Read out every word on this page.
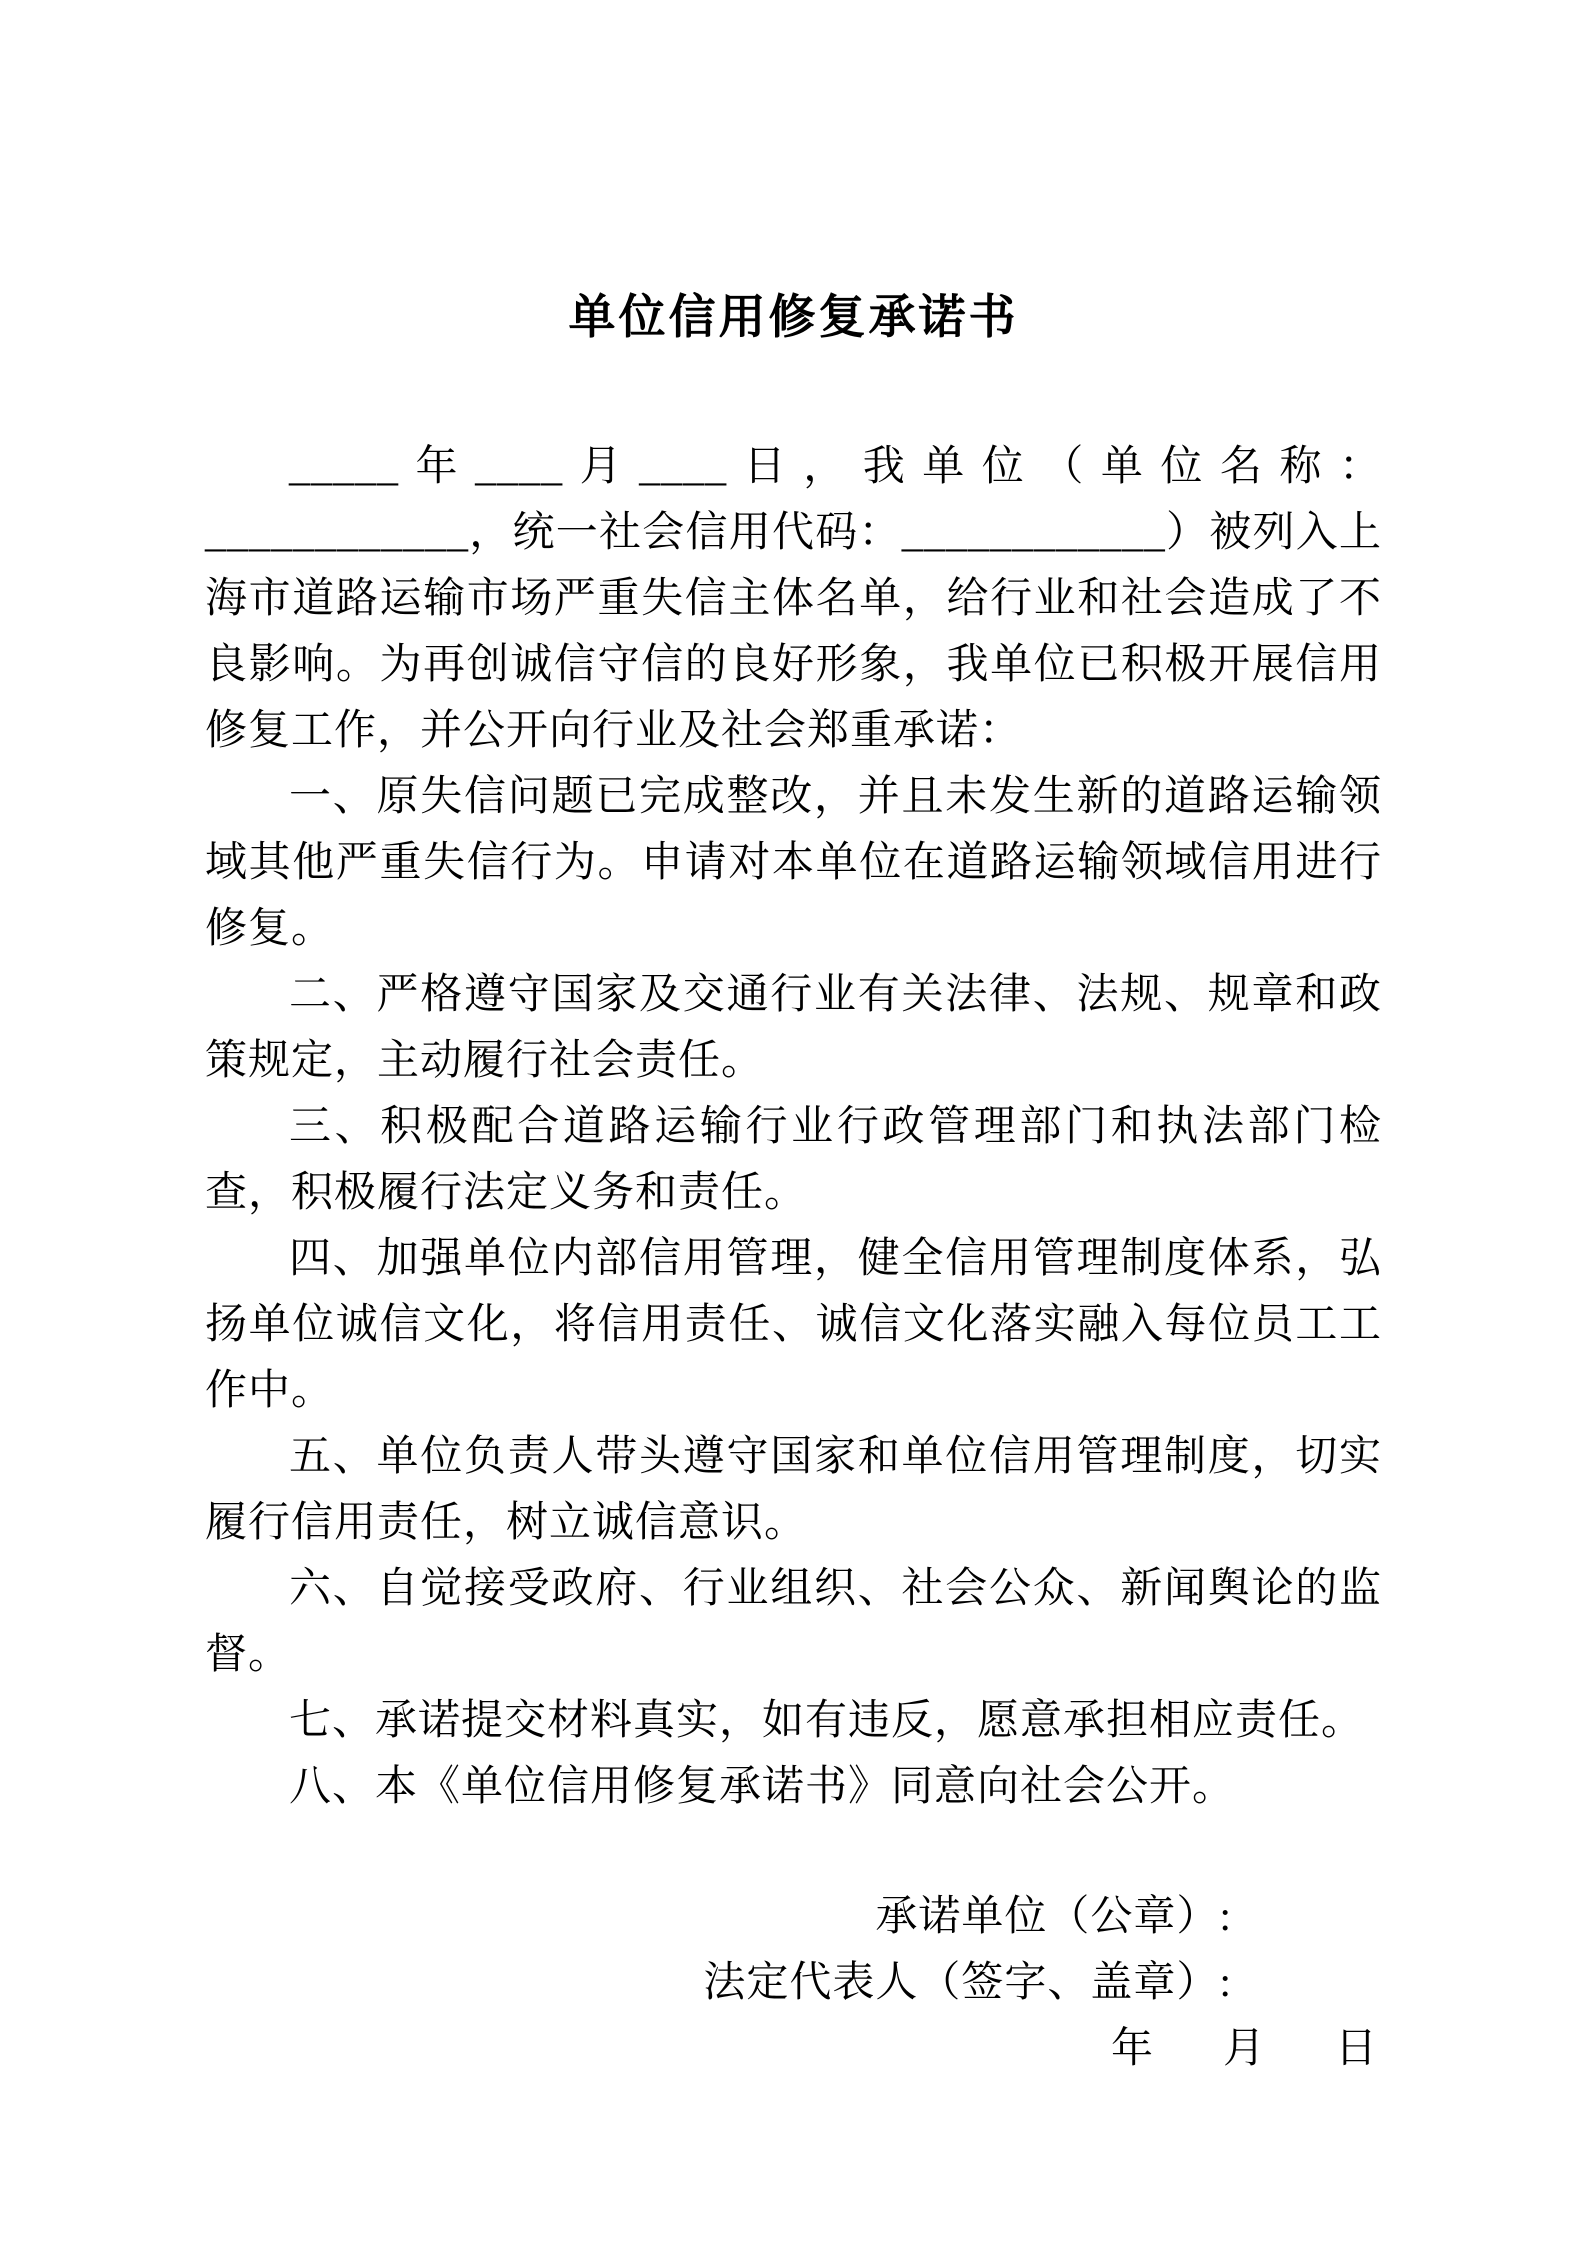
单位信用修复承诺书

_____年____月____日，我单位（单位名称：____________，统一社会信用代码：____________）被列入上海市道路运输市场严重失信主体名单，给行业和社会造成了不良影响。为再创诚信守信的良好形象，我单位已积极开展信用修复工作，并公开向行业及社会郑重承诺：

一、原失信问题已完成整改，并且未发生新的道路运输领域其他严重失信行为。申请对本单位在道路运输领域信用进行修复。

二、严格遵守国家及交通行业有关法律、法规、规章和政策规定，主动履行社会责任。

三、积极配合道路运输行业行政管理部门和执法部门检查，积极履行法定义务和责任。

四、加强单位内部信用管理，健全信用管理制度体系，弘扬单位诚信文化，将信用责任、诚信文化落实融入每位员工工作中。

五、单位负责人带头遵守国家和单位信用管理制度，切实履行信用责任，树立诚信意识。

六、自觉接受政府、行业组织、社会公众、新闻舆论的监督。

七、承诺提交材料真实，如有违反，愿意承担相应责任。

八、本《单位信用修复承诺书》同意向社会公开。

承诺单位（公章）:

法定代表人（签字、盖章）:

年      月      日
